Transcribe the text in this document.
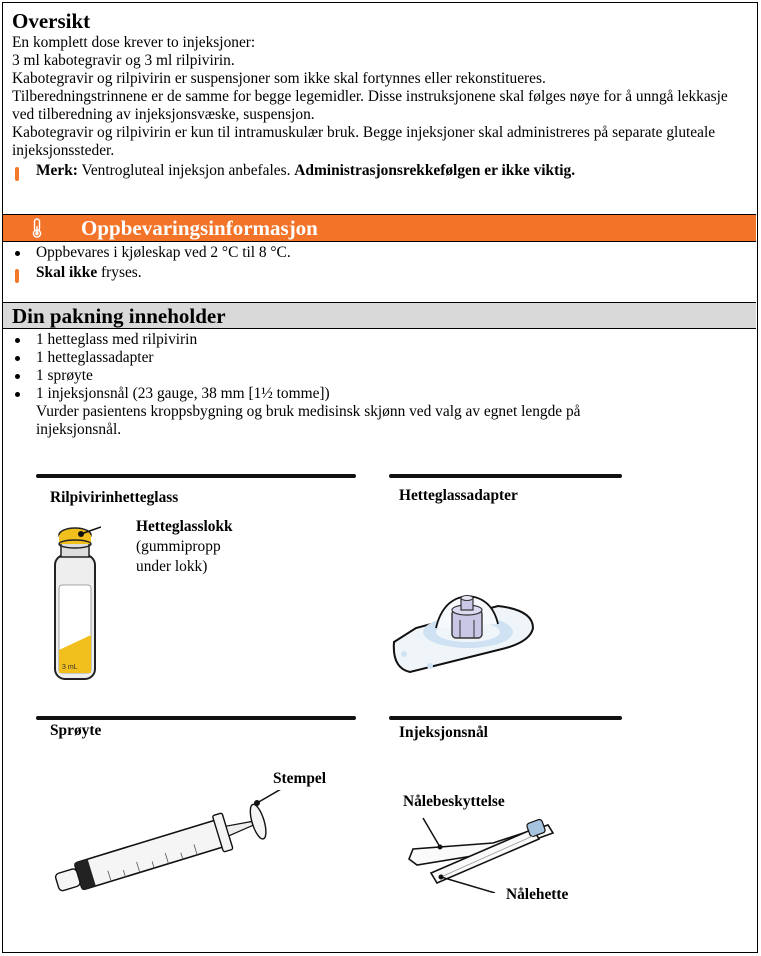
Oversikt
En komplett dose krever to injeksjoner:
3 ml kabotegravir og 3 ml rilpivirin.
Kabotegravir og rilpivirin er suspensjoner som ikke skal fortynnes eller rekonstitueres.
Tilberedningstrinnene er de samme for begge legemidler. Disse instruksjonene skal følges nøye for å unngå lekkasje ved tilberedning av injeksjonsvæske, suspensjon.
Kabotegravir og rilpivirin er kun til intramuskulær bruk. Begge injeksjoner skal administreres på separate gluteale injeksjonssteder.
Merk: Ventrogluteal injeksjon anbefales. Administrasjonsrekkefølgen er ikke viktig.
Oppbevaringsinformasjon
Oppbevares i kjøleskap ved 2 °C til 8 °C.
Skal ikke fryses.
Din pakning inneholder
1 hetteglass med rilpivirin
1 hetteglassadapter
1 sprøyte
1 injeksjonsnål (23 gauge, 38 mm [1½ tomme])
Vurder pasientens kroppsbygning og bruk medisinsk skjønn ved valg av egnet lengde på injeksjonsnål.
Rilpivirinhetteglass
3 mL
Hetteglasslokk
(gummipropp
under lokk)
Hetteglassadapter
Sprøyte
Stempel
Injeksjonsnål
Nålebeskyttelse
Nålehette
